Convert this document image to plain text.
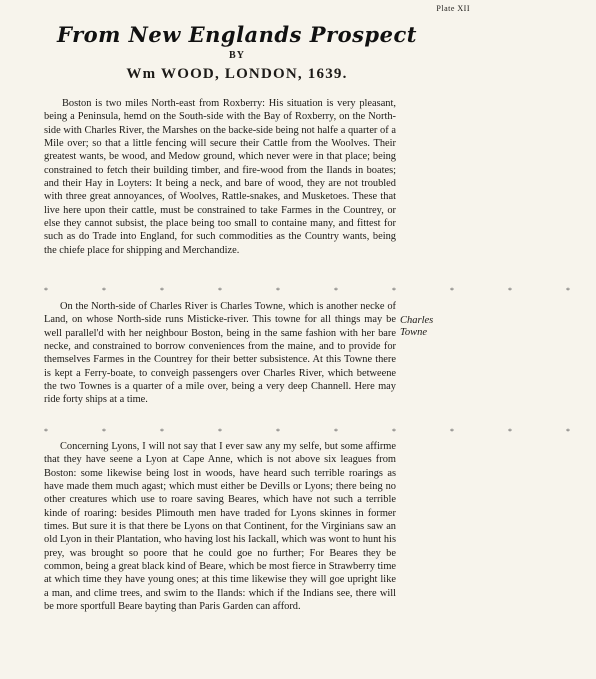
Plate XII
From New Englands Prospect
BY
Wm WOOD, LONDON, 1639.

Boston is two miles North-east from Roxberry: His situation is very pleasant, being a Peninsula, hemd on the South-side with the Bay of Roxberry, on the North-side with Charles River, the Marshes on the backe-side being not halfe a quarter of a Mile over; so that a little fencing will secure their Cattle from the Woolves. Their greatest wants, be wood, and Medow ground, which never were in that place; being constrained to fetch their building timber, and fire-wood from the Ilands in boates; and their Hay in Loyters: It being a neck, and bare of wood, they are not troubled with three great annoyances, of Woolves, Rattle-snakes, and Musketoes. These that live here upon their cattle, must be constrained to take Farmes in the Countrey, or else they cannot subsist, the place being too small to containe many, and fittest for such as do Trade into England, for such commodities as the Country wants, being the chiefe place for shipping and Merchandize.

* * * * * * * * * *

On the North-side of Charles River is Charles Towne, which is another necke of Land, on whose North-side runs Misticke-river. This towne for all things may be well parallel'd with her neighbour Boston, being in the same fashion with her bare necke, and constrained to borrow conveniences from the maine, and to provide for themselves Farmes in the Countrey for their better subsistence. At this Towne there is kept a Ferry-boate, to conveigh passengers over Charles River, which betweene the two Townes is a quarter of a mile over, being a very deep Channell. Here may ride forty ships at a time.

Charles
Towne
* * * * * * * * * *

Concerning Lyons, I will not say that I ever saw any my selfe, but some affirme that they have seene a Lyon at Cape Anne, which is not above six leagues from Boston: some likewise being lost in woods, have heard such terrible roarings as have made them much agast; which must either be Devills or Lyons; there being no other creatures which use to roare saving Beares, which have not such a terrible kinde of roaring: besides Plimouth men have traded for Lyons skinnes in former times. But sure it is that there be Lyons on that Continent, for the Virginians saw an old Lyon in their Plantation, who having lost his Iackall, which was wont to hunt his prey, was brought so poore that he could goe no further; For Beares they be common, being a great black kind of Beare, which be most fierce in Strawberry time at which time they have young ones; at this time likewise they will goe upright like a man, and clime trees, and swim to the Ilands: which if the Indians see, there will be more sportfull Beare bayting than Paris Garden can afford.
